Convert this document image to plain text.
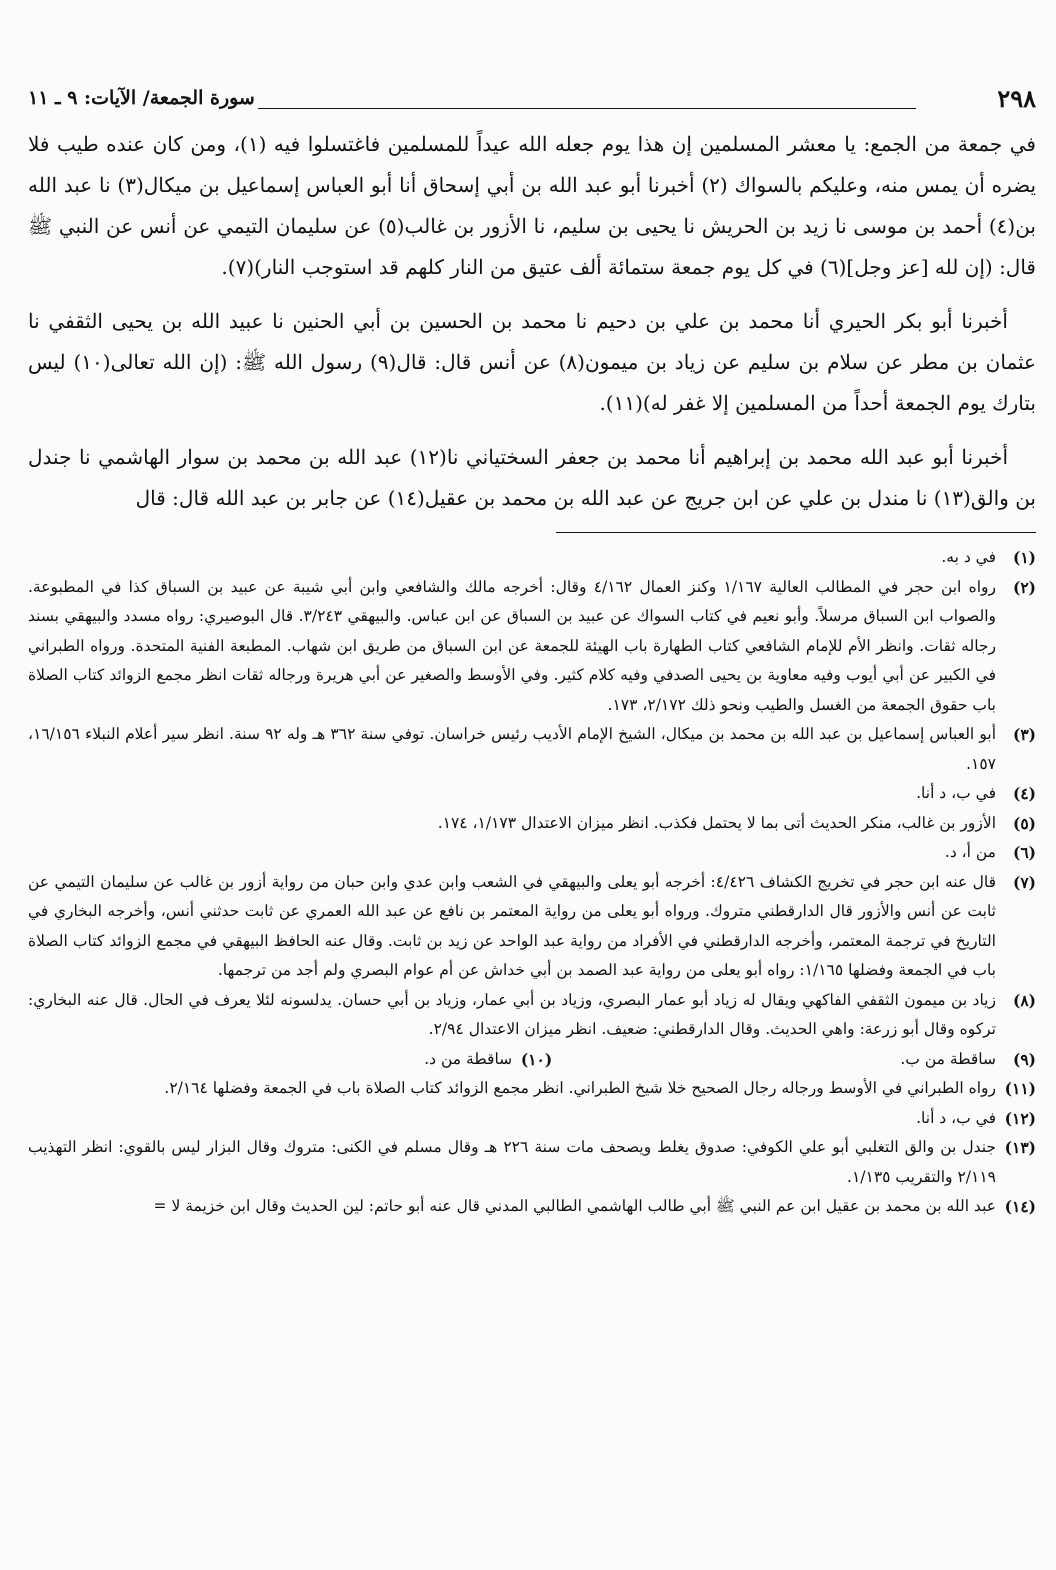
٢٩٨
سورة الجمعة/ الآيات: ٩ ـ ١١

في جمعة من الجمع: يا معشر المسلمين إن هذا يوم جعله الله عيداً للمسلمين فاغتسلوا فيه (١)، ومن كان عنده طيب فلا يضره أن يمس منه، وعليكم بالسواك (٢) أخبرنا أبو عبد الله بن أبي إسحاق أنا أبو العباس إسماعيل بن ميكال(٣) نا عبد الله بن(٤) أحمد بن موسى نا زيد بن الحريش نا يحيى بن سليم، نا الأزور بن غالب(٥) عن سليمان التيمي عن أنس عن النبي ﷺ قال: (إن لله [عز وجل](٦) في كل يوم جمعة ستمائة ألف عتيق من النار كلهم قد استوجب النار)(٧).

أخبرنا أبو بكر الحيري أنا محمد بن علي بن دحيم نا محمد بن الحسين بن أبي الحنين نا عبيد الله بن يحيى الثقفي نا عثمان بن مطر عن سلام بن سليم عن زياد بن ميمون(٨) عن أنس قال: قال(٩) رسول الله ﷺ: (إن الله تعالى(١٠) ليس بتارك يوم الجمعة أحداً من المسلمين إلا غفر له)(١١).

أخبرنا أبو عبد الله محمد بن إبراهيم أنا محمد بن جعفر السختياني نا(١٢) عبد الله بن محمد بن سوار الهاشمي نا جندل بن والق(١٣) نا مندل بن علي عن ابن جريج عن عبد الله بن محمد بن عقيل(١٤) عن جابر بن عبد الله قال: قال

(١)
في د به.
(٢)
رواه ابن حجر في المطالب العالية ١/١٦٧ وكنز العمال ٤/١٦٢ وقال: أخرجه مالك والشافعي وابن أبي شيبة عن عبيد بن السباق كذا في المطبوعة. والصواب ابن السباق مرسلاً. وأبو نعيم في كتاب السواك عن عبيد بن السباق عن ابن عباس. والبيهقي ٣/٢٤٣. قال البوصيري: رواه مسدد والبيهقي بسند رجاله ثقات. وانظر الأم للإمام الشافعي كتاب الطهارة باب الهيئة للجمعة عن ابن السباق من طريق ابن شهاب. المطبعة الفنية المتحدة. ورواه الطبراني في الكبير عن أبي أيوب وفيه معاوية بن يحيى الصدفي وفيه كلام كثير. وفي الأوسط والصغير عن أبي هريرة ورجاله ثقات انظر مجمع الزوائد كتاب الصلاة باب حقوق الجمعة من الغسل والطيب ونحو ذلك ٢/١٧٢، ١٧٣.
(٣)
أبو العباس إسماعيل بن عبد الله بن محمد بن ميكال، الشيخ الإمام الأديب رئيس خراسان. توفي سنة ٣٦٢ هـ وله ٩٢ سنة. انظر سير أعلام النبلاء ١٦/١٥٦، ١٥٧.
(٤)
في ب، د أنا.
(٥)
الأزور بن غالب، منكر الحديث أتى بما لا يحتمل فكذب. انظر ميزان الاعتدال ١/١٧٣، ١٧٤.
(٦)
من أ، د.
(٧)
قال عنه ابن حجر في تخريج الكشاف ٤/٤٢٦: أخرجه أبو يعلى والبيهقي في الشعب وابن عدي وابن حبان من رواية أزور بن غالب عن سليمان التيمي عن ثابت عن أنس والأزور قال الدارقطني متروك. ورواه أبو يعلى من رواية المعتمر بن نافع عن عبد الله العمري عن ثابت حدثني أنس، وأخرجه البخاري في التاريخ في ترجمة المعتمر، وأخرجه الدارقطني في الأفراد من رواية عبد الواحد عن زيد بن ثابت. وقال عنه الحافظ البيهقي في مجمع الزوائد كتاب الصلاة باب في الجمعة وفضلها ١/١٦٥: رواه أبو يعلى من رواية عبد الصمد بن أبي خداش عن أم عوام البصري ولم أجد من ترجمها.
(٨)
زياد بن ميمون الثقفي الفاكهي ويقال له زياد أبو عمار البصري، وزياد بن أبي عمار، وزياد بن أبي حسان. يدلسونه لئلا يعرف في الحال. قال عنه البخاري: تركوه وقال أبو زرعة: واهي الحديث. وقال الدارقطني: ضعيف. انظر ميزان الاعتدال ٢/٩٤.
(٩)
ساقطة من ب.
(١٠)
ساقطة من د.
(١١)
رواه الطبراني في الأوسط ورجاله رجال الصحيح خلا شيخ الطبراني. انظر مجمع الزوائد كتاب الصلاة باب في الجمعة وفضلها ٢/١٦٤.
(١٢)
في ب، د أنا.
(١٣)
جندل بن والق التغلبي أبو علي الكوفي: صدوق يغلط ويصحف مات سنة ٢٢٦ هـ وقال مسلم في الكنى: متروك وقال البزار ليس بالقوي: انظر التهذيب ٢/١١٩ والتقريب ١/١٣٥.
(١٤)
عبد الله بن محمد بن عقيل ابن عم النبي ﷺ أبي طالب الهاشمي الطالبي المدني قال عنه أبو حاتم: لين الحديث وقال ابن خزيمة لا =
